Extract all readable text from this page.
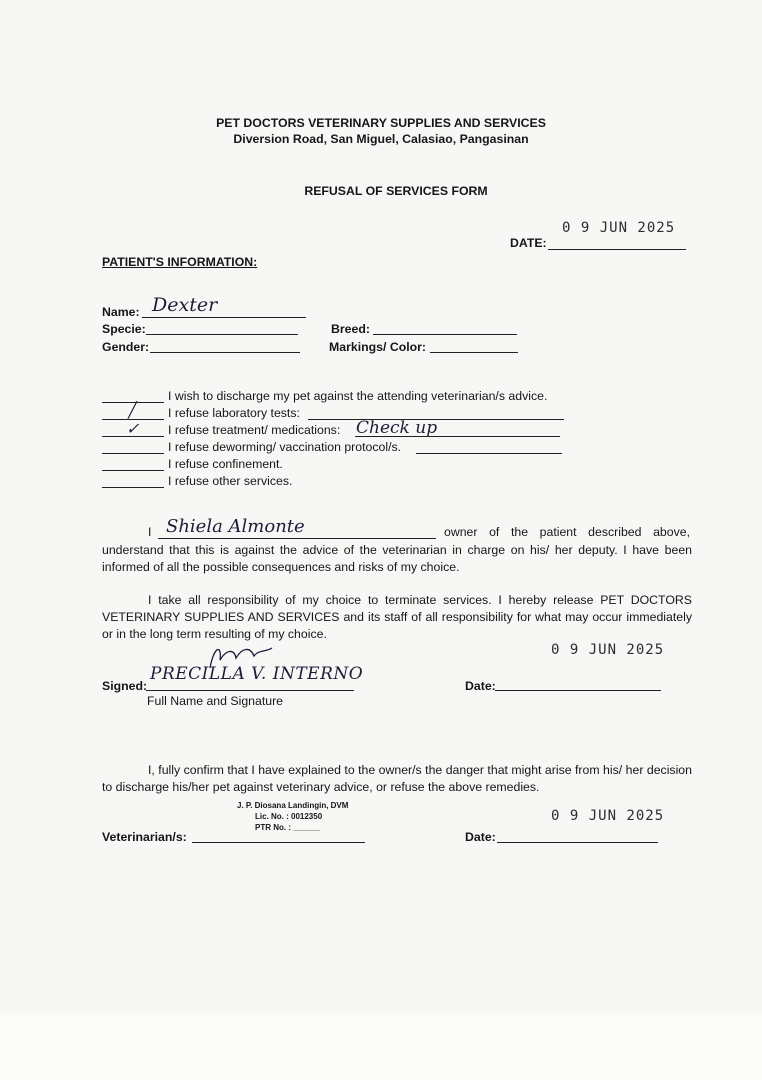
PET DOCTORS VETERINARY SUPPLIES AND SERVICES
Diversion Road, San Miguel, Calasiao, Pangasinan
REFUSAL OF SERVICES FORM
0 9 JUN 2025
DATE:
PATIENT'S INFORMATION:
Name: Dexter
Specie:
Gender:
Breed:
Markings/ Color:
I wish to discharge my pet against the attending veterinarian/s advice.
╱	I refuse laboratory tests:
✓ I refuse treatment/ medications: Check up
I refuse deworming/ vaccination protocol/s.
I refuse confinement.
I refuse other services.
I Shiela Almonte	owner of the patient described above,
understand that this is against the advice of the veterinarian in charge on his/ her deputy. I have been informed of all the possible consequences and risks of my choice.
I take all responsibility of my choice to terminate services. I hereby release PET DOCTORS VETERINARY SUPPLIES AND SERVICES and its staff of all responsibility for what may occur immediately or in the long term resulting of my choice.
0 9 JUN 2025
Signed:
PRECILLA V. INTERNO
Full Name and Signature
Date:
I, fully confirm that I have explained to the owner/s the danger that might arise from his/ her decision to discharge his/her pet against veterinary advice, or refuse the above remedies.
J. P. Diosana Landingin, DVM
Lic. No. : 0012350
PTR No. : ______
Veterinarian/s:
0 9 JUN 2025
Date:
